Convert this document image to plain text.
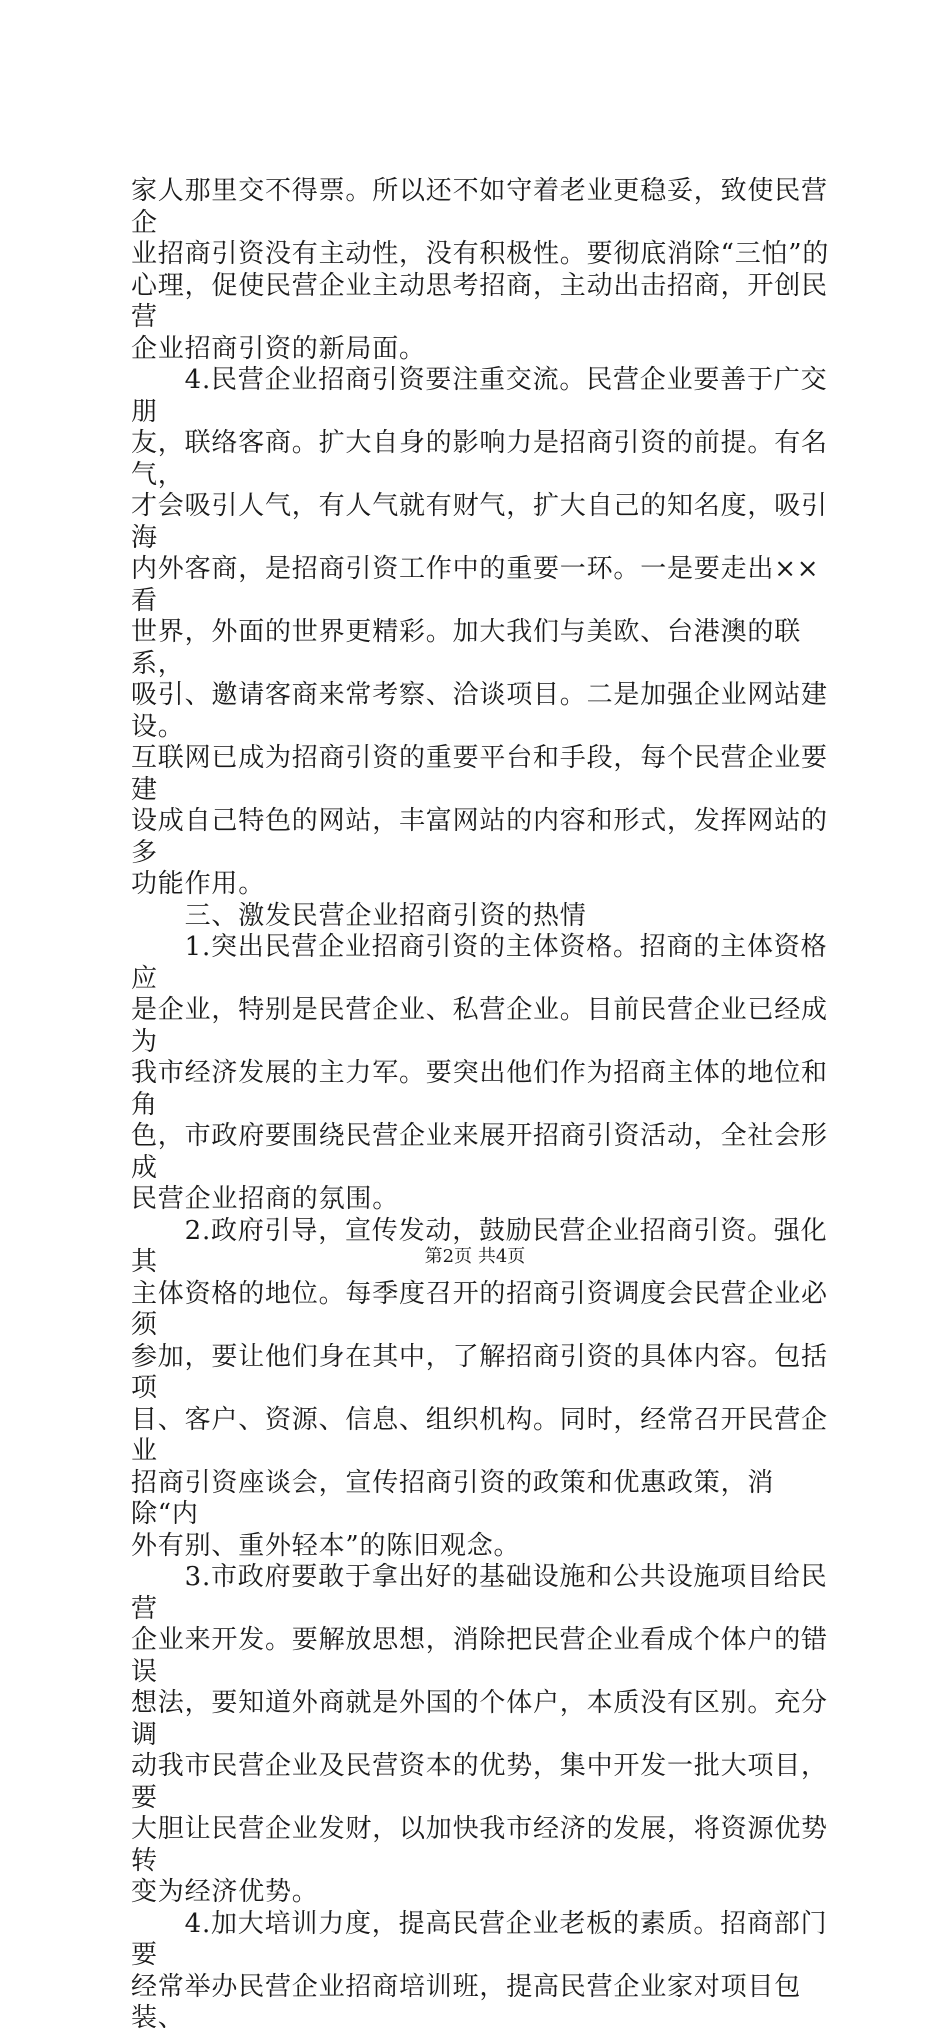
家人那里交不得票。所以还不如守着老业更稳妥，致使民营企
业招商引资没有主动性，没有积极性。要彻底消除“三怕”的
心理，促使民营企业主动思考招商，主动出击招商，开创民营
企业招商引资的新局面。

　　4.民营企业招商引资要注重交流。民营企业要善于广交朋
友，联络客商。扩大自身的影响力是招商引资的前提。有名气，
才会吸引人气，有人气就有财气，扩大自己的知名度，吸引海
内外客商，是招商引资工作中的重要一环。一是要走出××看
世界，外面的世界更精彩。加大我们与美欧、台港澳的联系，
吸引、邀请客商来常考察、洽谈项目。二是加强企业网站建设。
互联网已成为招商引资的重要平台和手段，每个民营企业要建
设成自己特色的网站，丰富网站的内容和形式，发挥网站的多
功能作用。

　　三、激发民营企业招商引资的热情

　　1.突出民营企业招商引资的主体资格。招商的主体资格应
是企业，特别是民营企业、私营企业。目前民营企业已经成为
我市经济发展的主力军。要突出他们作为招商主体的地位和角
色，市政府要围绕民营企业来展开招商引资活动，全社会形成
民营企业招商的氛围。

　　2.政府引导，宣传发动，鼓励民营企业招商引资。强化其
主体资格的地位。每季度召开的招商引资调度会民营企业必须
参加，要让他们身在其中，了解招商引资的具体内容。包括项
目、客户、资源、信息、组织机构。同时，经常召开民营企业
招商引资座谈会，宣传招商引资的政策和优惠政策，消除“内
外有别、重外轻本”的陈旧观念。

　　3.市政府要敢于拿出好的基础设施和公共设施项目给民营
企业来开发。要解放思想，消除把民营企业看成个体户的错误
想法，要知道外商就是外国的个体户，本质没有区别。充分调
动我市民营企业及民营资本的优势，集中开发一批大项目，要
大胆让民营企业发财，以加快我市经济的发展，将资源优势转
变为经济优势。

　　4.加大培训力度，提高民营企业老板的素质。招商部门要
经常举办民营企业招商培训班，提高民营企业家对项目包装、

第2页 共4页
